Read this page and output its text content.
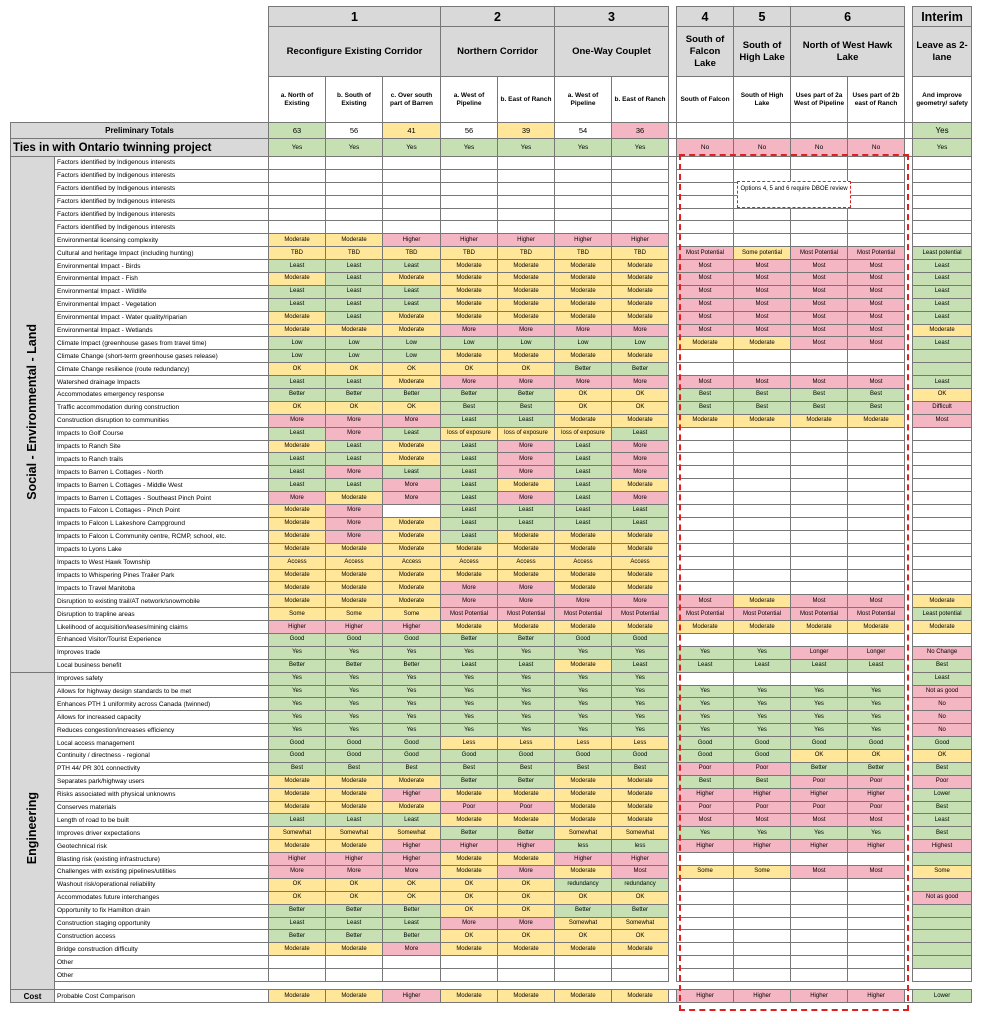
		1			2		3			4	5	6			Interim
		Reconfigure Existing Corridor			Northern Corridor		One-Way Couplet			South of Falcon Lake	South of High Lake	North of West Hawk Lake			Leave as 2-lane
		a. North of Existing	b. South of Existing	c. Over south part of Barren	a. West of Pipeline	b. East of Ranch	a. West of Pipeline	b. East of Ranch		South of Falcon	South of High Lake	Uses part of 2a West of Pipeline	Uses part of 2b east of Ranch		And improve geometry/ safety
Preliminary Totals		63	56	41	56	39	54	36							Yes
Ties in with Ontario twinning project		Yes	Yes	Yes	Yes	Yes	Yes	Yes		No	No	No	No		Yes
Social - Environmental - Land	Factors identified by Indigenous interests														
	Factors identified by Indigenous interests														
	Factors identified by Indigenous interests														
	Factors identified by Indigenous interests														
	Factors identified by Indigenous interests														
	Factors identified by Indigenous interests														
	Environmental licensing complexity	Moderate	Moderate	Higher	Higher	Higher	Higher	Higher							
	Cultural and heritage Impact (including hunting)	TBD	TBD	TBD	TBD	TBD	TBD	TBD		Most Potential	Some potential	Most Potential	Most Potential		Least potential
	Environmental Impact - Birds	Least	Least	Least	Moderate	Moderate	Moderate	Moderate		Most	Most	Most	Most		Least
	Environmental Impact - Fish	Moderate	Least	Moderate	Moderate	Moderate	Moderate	Moderate		Most	Most	Most	Most		Least
	Environmental Impact - Wildlife	Least	Least	Least	Moderate	Moderate	Moderate	Moderate		Most	Most	Most	Most		Least
	Environmental Impact - Vegetation	Least	Least	Least	Moderate	Moderate	Moderate	Moderate		Most	Most	Most	Most		Least
	Environmental Impact - Water quality/riparian	Moderate	Least	Moderate	Moderate	Moderate	Moderate	Moderate		Most	Most	Most	Most		Least
	Environmental Impact - Wetlands	Moderate	Moderate	Moderate	More	More	More	More		Most	Most	Most	Most		Moderate
	Climate Impact (greenhouse gases from travel time)	Low	Low	Low	Low	Low	Low	Low		Moderate	Moderate	Most	Most		Least
	Climate Change (short-term greenhouse gases release)	Low	Low	Low	Moderate	Moderate	Moderate	Moderate							
	Climate Change resilience (route redundancy)	OK	OK	OK	OK	OK	Better	Better							
	Watershed drainage Impacts	Least	Least	Moderate	More	More	More	More		Most	Most	Most	Most		Least
	Accommodates emergency response	Better	Better	Better	Better	Better	OK	OK		Best	Best	Best	Best		OK
	Traffic accommodation during construction	OK	OK	OK	Best	Best	OK	OK		Best	Best	Best	Best		Difficult
	Construction disruption to communities	More	More	More	Least	Least	Moderate	Moderate		Moderate	Moderate	Moderate	Moderate		Most
	Impacts to Golf Course	Least	More	Least	loss of exposure	loss of exposure	loss of exposure	Least							
	Impacts to Ranch Site	Moderate	Least	Moderate	Least	More	Least	More							
	Impacts to Ranch trails	Least	Least	Moderate	Least	More	Least	More							
	Impacts to Barren L Cottages - North	Least	More	Least	Least	More	Least	More							
	Impacts to Barren L Cottages - Middle West	Least	Least	More	Least	Moderate	Least	Moderate							
	Impacts to Barren L Cottages - Southeast Pinch Point	More	Moderate	More	Least	More	Least	More							
	Impacts to Falcon L Cottages - Pinch Point	Moderate	More		Least	Least	Least	Least							
	Impacts to Falcon L Lakeshore Campground	Moderate	More	Moderate	Least	Least	Least	Least							
	Impacts to Falcon L Community centre, RCMP, school, etc.	Moderate	More	Moderate	Least	Moderate	Moderate	Moderate							
	Impacts to Lyons Lake	Moderate	Moderate	Moderate	Moderate	Moderate	Moderate	Moderate							
	Impacts to West Hawk Township	Access	Access	Access	Access	Access	Access	Access							
	Impacts to Whispering Pines Trailer Park	Moderate	Moderate	Moderate	Moderate	Moderate	Moderate	Moderate							
	Impacts to Travel Manitoba	Moderate	Moderate	Moderate	More	More	Moderate	Moderate							
	Disruption to existing trail/AT network/snowmobile	Moderate	Moderate	Moderate	More	More	More	More		Most	Moderate	Most	Most		Moderate
	Disruption to trapline areas	Some	Some	Some	Most Potential	Most Potential	Most Potential	Most Potential		Most Potential	Most Potential	Most Potential	Most Potential		Least potential
	Likelihood of acquisition/leases/mining claims	Higher	Higher	Higher	Moderate	Moderate	Moderate	Moderate		Moderate	Moderate	Moderate	Moderate		Moderate
	Enhanced Visitor/Tourist Experience	Good	Good	Good	Better	Better	Good	Good							
	Improves trade	Yes	Yes	Yes	Yes	Yes	Yes	Yes		Yes	Yes	Longer	Longer		No Change
	Local business benefit	Better	Better	Better	Least	Least	Moderate	Least		Least	Least	Least	Least		Best
Engineering	Improves safety	Yes	Yes	Yes	Yes	Yes	Yes	Yes							Least
	Allows for highway design standards to be met	Yes	Yes	Yes	Yes	Yes	Yes	Yes		Yes	Yes	Yes	Yes		Not as good
	Enhances PTH 1 uniformity across Canada (twinned)	Yes	Yes	Yes	Yes	Yes	Yes	Yes		Yes	Yes	Yes	Yes		No
	Allows for increased capacity	Yes	Yes	Yes	Yes	Yes	Yes	Yes		Yes	Yes	Yes	Yes		No
	Reduces congestion/increases efficiency	Yes	Yes	Yes	Yes	Yes	Yes	Yes		Yes	Yes	Yes	Yes		No
	Local access management	Good	Good	Good	Less	Less	Less	Less		Good	Good	Good	Good		Good
	Continuity / directness - regional	Good	Good	Good	Good	Good	Good	Good		Good	Good	OK	OK		OK
	PTH 44/ PR 301 connectivity	Best	Best	Best	Best	Best	Best	Best		Poor	Poor	Better	Better		Best
	Separates park/highway users	Moderate	Moderate	Moderate	Better	Better	Moderate	Moderate		Best	Best	Poor	Poor		Poor
	Risks associated with physical unknowns	Moderate	Moderate	Higher	Moderate	Moderate	Moderate	Moderate		Higher	Higher	Higher	Higher		Lower
	Conserves materials	Moderate	Moderate	Moderate	Poor	Poor	Moderate	Moderate		Poor	Poor	Poor	Poor		Best
	Length of road to be built	Least	Least	Least	Moderate	Moderate	Moderate	Moderate		Most	Most	Most	Most		Least
	Improves driver expectations	Somewhat	Somewhat	Somewhat	Better	Better	Somewhat	Somewhat		Yes	Yes	Yes	Yes		Best
	Geotechnical risk	Moderate	Moderate	Higher	Higher	Higher	less	less		Higher	Higher	Higher	Higher		Highest
	Blasting risk (existing infrastructure)	Higher	Higher	Higher	Moderate	Moderate	Higher	Higher							
	Challenges with existing pipelines/utilities	More	More	More	Moderate	More	Moderate	Most		Some	Some	Most	Most		Some
	Washout risk/operational reliability	OK	OK	OK	OK	OK	redundancy	redundancy							
	Accommodates future interchanges	OK	OK	OK	OK	OK	OK	OK							Not as good
	Opportunity to fix Hamilton drain	Better	Better	Better	OK	OK	Better	Better							
	Construction staging opportunity	Least	Least	Least	More	More	Somewhat	Somewhat							
	Construction access	Better	Better	Better	OK	OK	OK	OK							
	Bridge construction difficulty	Moderate	Moderate	More	Moderate	Moderate	Moderate	Moderate							
	Other														
	Other														

Cost	Probable Cost Comparison	Moderate	Moderate	Higher	Moderate	Moderate	Moderate	Moderate		Higher	Higher	Higher	Higher		Lower
Options 4, 5 and 6 require DBOE review
